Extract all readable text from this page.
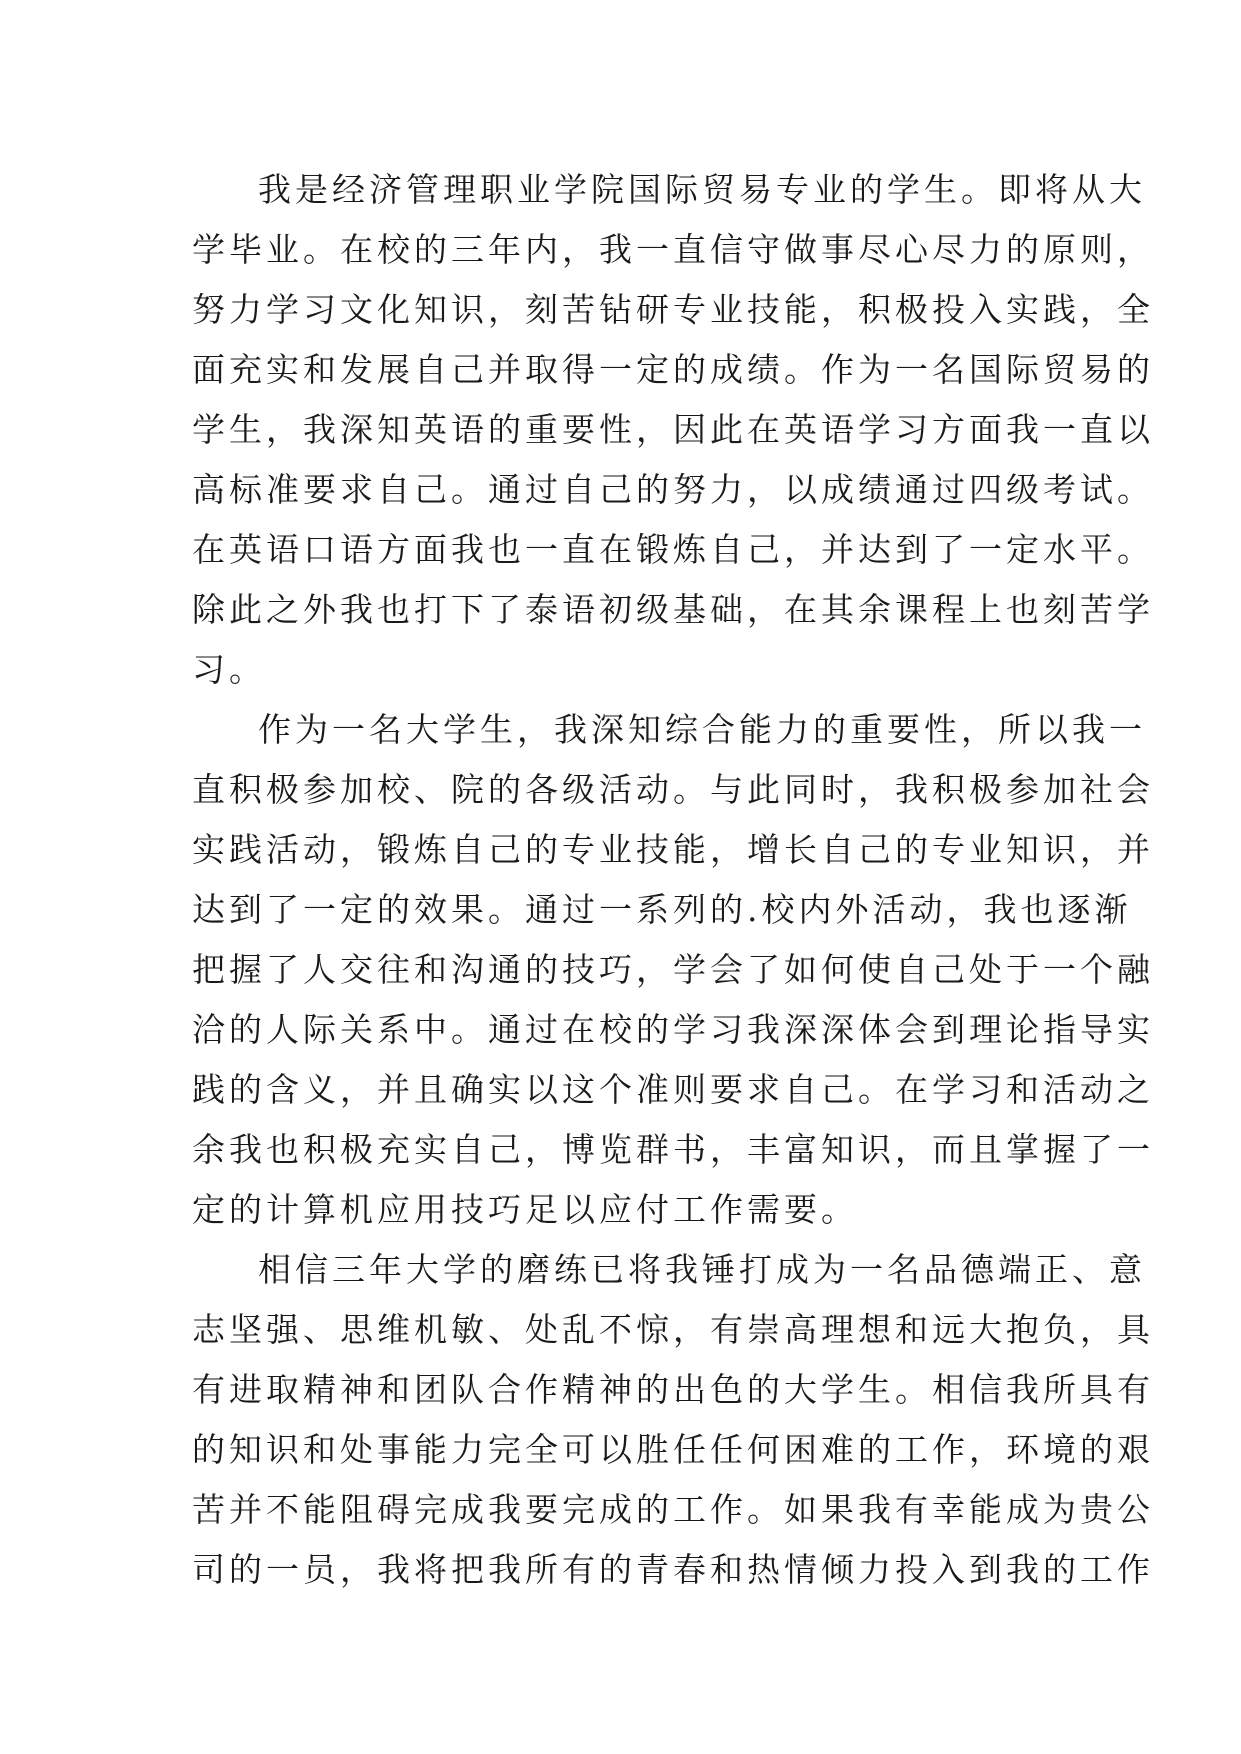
我是经济管理职业学院国际贸易专业的学生。即将从大
学毕业。在校的三年内，我一直信守做事尽心尽力的原则，
努力学习文化知识，刻苦钻研专业技能，积极投入实践，全
面充实和发展自己并取得一定的成绩。作为一名国际贸易的
学生，我深知英语的重要性，因此在英语学习方面我一直以
高标准要求自己。通过自己的努力，以成绩通过四级考试。
在英语口语方面我也一直在锻炼自己，并达到了一定水平。
除此之外我也打下了泰语初级基础，在其余课程上也刻苦学
习。
作为一名大学生，我深知综合能力的重要性，所以我一
直积极参加校、院的各级活动。与此同时，我积极参加社会
实践活动，锻炼自己的专业技能，增长自己的专业知识，并
达到了一定的效果。通过一系列的.校内外活动，我也逐渐
把握了人交往和沟通的技巧，学会了如何使自己处于一个融
洽的人际关系中。通过在校的学习我深深体会到理论指导实
践的含义，并且确实以这个准则要求自己。在学习和活动之
余我也积极充实自己，博览群书，丰富知识，而且掌握了一
定的计算机应用技巧足以应付工作需要。
相信三年大学的磨练已将我锤打成为一名品德端正、意
志坚强、思维机敏、处乱不惊，有崇高理想和远大抱负，具
有进取精神和团队合作精神的出色的大学生。相信我所具有
的知识和处事能力完全可以胜任任何困难的工作，环境的艰
苦并不能阻碍完成我要完成的工作。如果我有幸能成为贵公
司的一员，我将把我所有的青春和热情倾力投入到我的工作
